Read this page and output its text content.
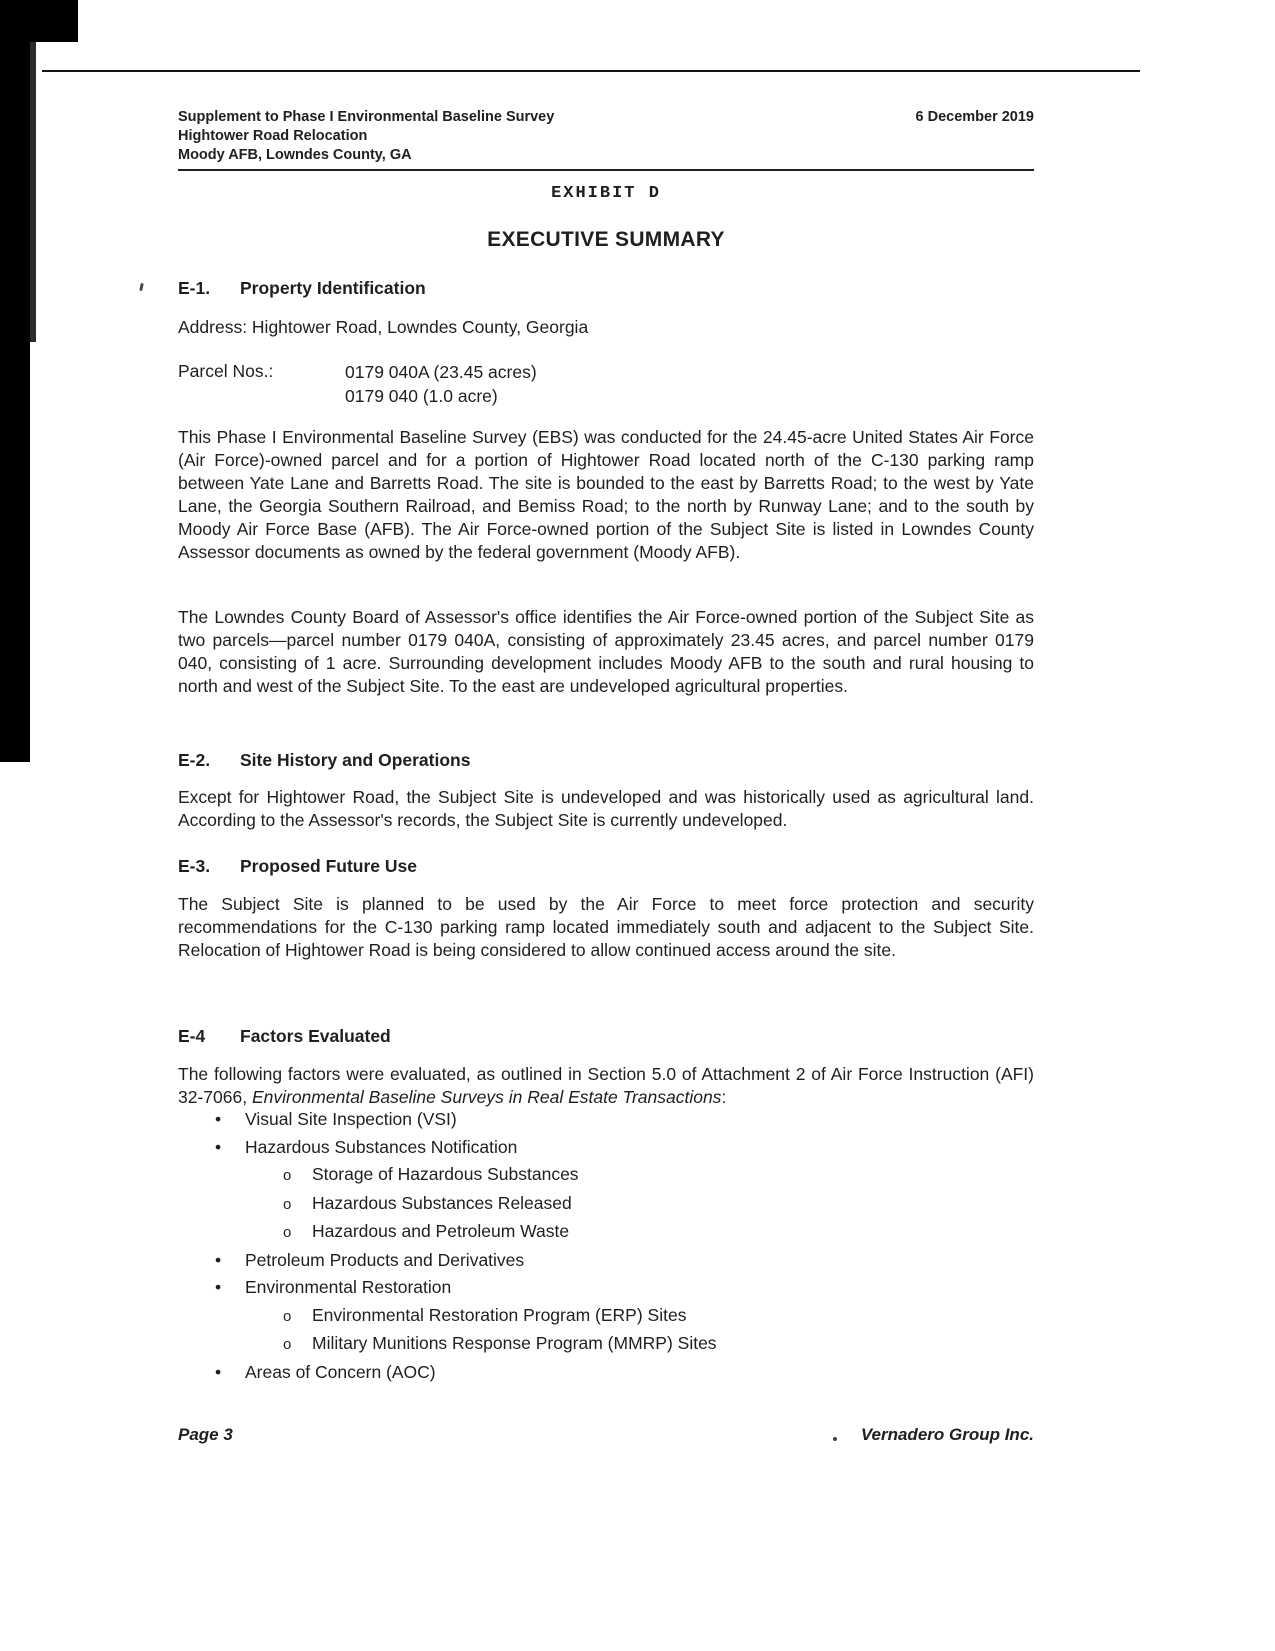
Supplement to Phase I Environmental Baseline Survey
Hightower Road Relocation
Moody AFB, Lowndes County, GA
6 December 2019
EXHIBIT D
EXECUTIVE SUMMARY
E-1.	Property Identification
Address: Hightower Road, Lowndes County, Georgia
Parcel Nos.:	0179 040A (23.45 acres)
0179 040 (1.0 acre)
This Phase I Environmental Baseline Survey (EBS) was conducted for the 24.45-acre United States Air Force (Air Force)-owned parcel and for a portion of Hightower Road located north of the C-130 parking ramp between Yate Lane and Barretts Road. The site is bounded to the east by Barretts Road; to the west by Yate Lane, the Georgia Southern Railroad, and Bemiss Road; to the north by Runway Lane; and to the south by Moody Air Force Base (AFB). The Air Force-owned portion of the Subject Site is listed in Lowndes County Assessor documents as owned by the federal government (Moody AFB).
The Lowndes County Board of Assessor's office identifies the Air Force-owned portion of the Subject Site as two parcels—parcel number 0179 040A, consisting of approximately 23.45 acres, and parcel number 0179 040, consisting of 1 acre. Surrounding development includes Moody AFB to the south and rural housing to north and west of the Subject Site. To the east are undeveloped agricultural properties.
E-2.	Site History and Operations
Except for Hightower Road, the Subject Site is undeveloped and was historically used as agricultural land. According to the Assessor's records, the Subject Site is currently undeveloped.
E-3.	Proposed Future Use
The Subject Site is planned to be used by the Air Force to meet force protection and security recommendations for the C-130 parking ramp located immediately south and adjacent to the Subject Site. Relocation of Hightower Road is being considered to allow continued access around the site.
E-4	Factors Evaluated
The following factors were evaluated, as outlined in Section 5.0 of Attachment 2 of Air Force Instruction (AFI) 32-7066, Environmental Baseline Surveys in Real Estate Transactions:
•
Visual Site Inspection (VSI)
•
Hazardous Substances Notification
o
Storage of Hazardous Substances
o
Hazardous Substances Released
o
Hazardous and Petroleum Waste
•
Petroleum Products and Derivatives
•
Environmental Restoration
o
Environmental Restoration Program (ERP) Sites
o
Military Munitions Response Program (MMRP) Sites
•
Areas of Concern (AOC)
Page 3	Vernadero Group Inc.
